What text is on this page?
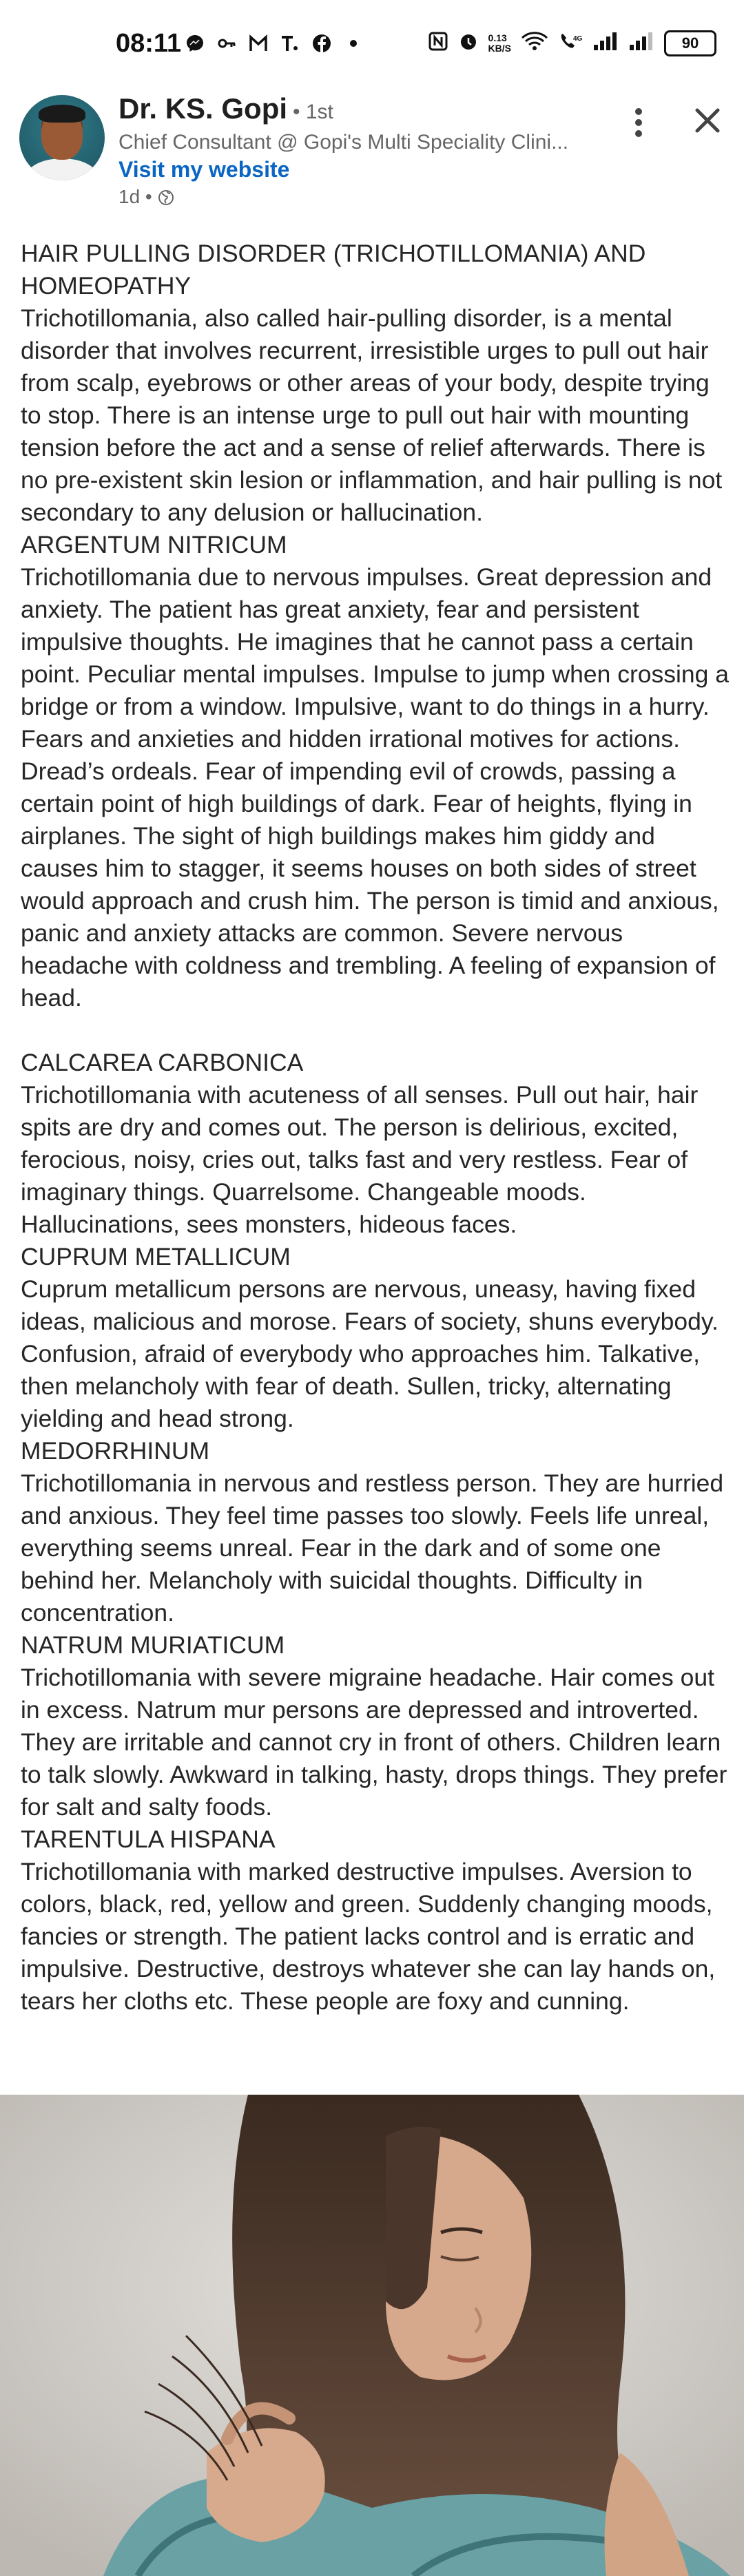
08:11	0.13
KB/S
4G	90
Dr. KS. Gopi • 1st
Chief Consultant @ Gopi's Multi Speciality Clini...
Visit my website
1d •

HAIR PULLING DISORDER (TRICHOTILLOMANIA) AND HOMEOPATHY

Trichotillomania, also called hair-pulling disorder, is a mental disorder that involves recurrent, irresistible urges to pull out hair from scalp, eyebrows or other areas of your body, despite trying to stop. There is an intense urge to pull out hair with mounting tension before the act and a sense of relief afterwards. There is no pre-existent skin lesion or inflammation, and hair pulling is not secondary to any delusion or hallucination.

ARGENTUM NITRICUM

Trichotillomania due to nervous impulses. Great depression and anxiety. The patient has great anxiety, fear and persistent impulsive thoughts. He imagines that he cannot pass a certain point. Peculiar mental impulses. Impulse to jump when crossing a bridge or from a window. Impulsive, want to do things in a hurry. Fears and anxieties and hidden irrational motives for actions. Dread’s ordeals. Fear of impending evil of crowds, passing a certain point of high buildings of dark. Fear of heights, flying in airplanes. The sight of high buildings makes him giddy and causes him to stagger, it seems houses on both sides of street would approach and crush him. The person is timid and anxious, panic and anxiety attacks are common. Severe nervous headache with coldness and trembling. A feeling of expansion of head.

CALCAREA CARBONICA

Trichotillomania with acuteness of all senses. Pull out hair, hair spits are dry and comes out. The person is delirious, excited, ferocious, noisy, cries out, talks fast and very restless. Fear of imaginary things. Quarrelsome. Changeable moods. Hallucinations, sees monsters, hideous faces.

CUPRUM METALLICUM

Cuprum metallicum persons are nervous, uneasy, having fixed ideas, malicious and morose. Fears of society, shuns everybody. Confusion, afraid of everybody who approaches him. Talkative, then melancholy with fear of death. Sullen, tricky, alternating yielding and head strong.

MEDORRHINUM

Trichotillomania in nervous and restless person. They are hurried and anxious. They feel time passes too slowly. Feels life unreal, everything seems unreal. Fear in the dark and of some one behind her. Melancholy with suicidal thoughts. Difficulty in concentration.

NATRUM MURIATICUM

Trichotillomania with severe migraine headache. Hair comes out in excess. Natrum mur persons are depressed and introverted. They are irritable and cannot cry in front of others. Children learn to talk slowly. Awkward in talking, hasty, drops things. They prefer for salt and salty foods.

TARENTULA HISPANA

Trichotillomania with marked destructive impulses. Aversion to colors, black, red, yellow and green. Suddenly changing moods, fancies or strength. The patient lacks control and is erratic and impulsive. Destructive, destroys whatever she can lay hands on, tears her cloths etc. These people are foxy and cunning.
